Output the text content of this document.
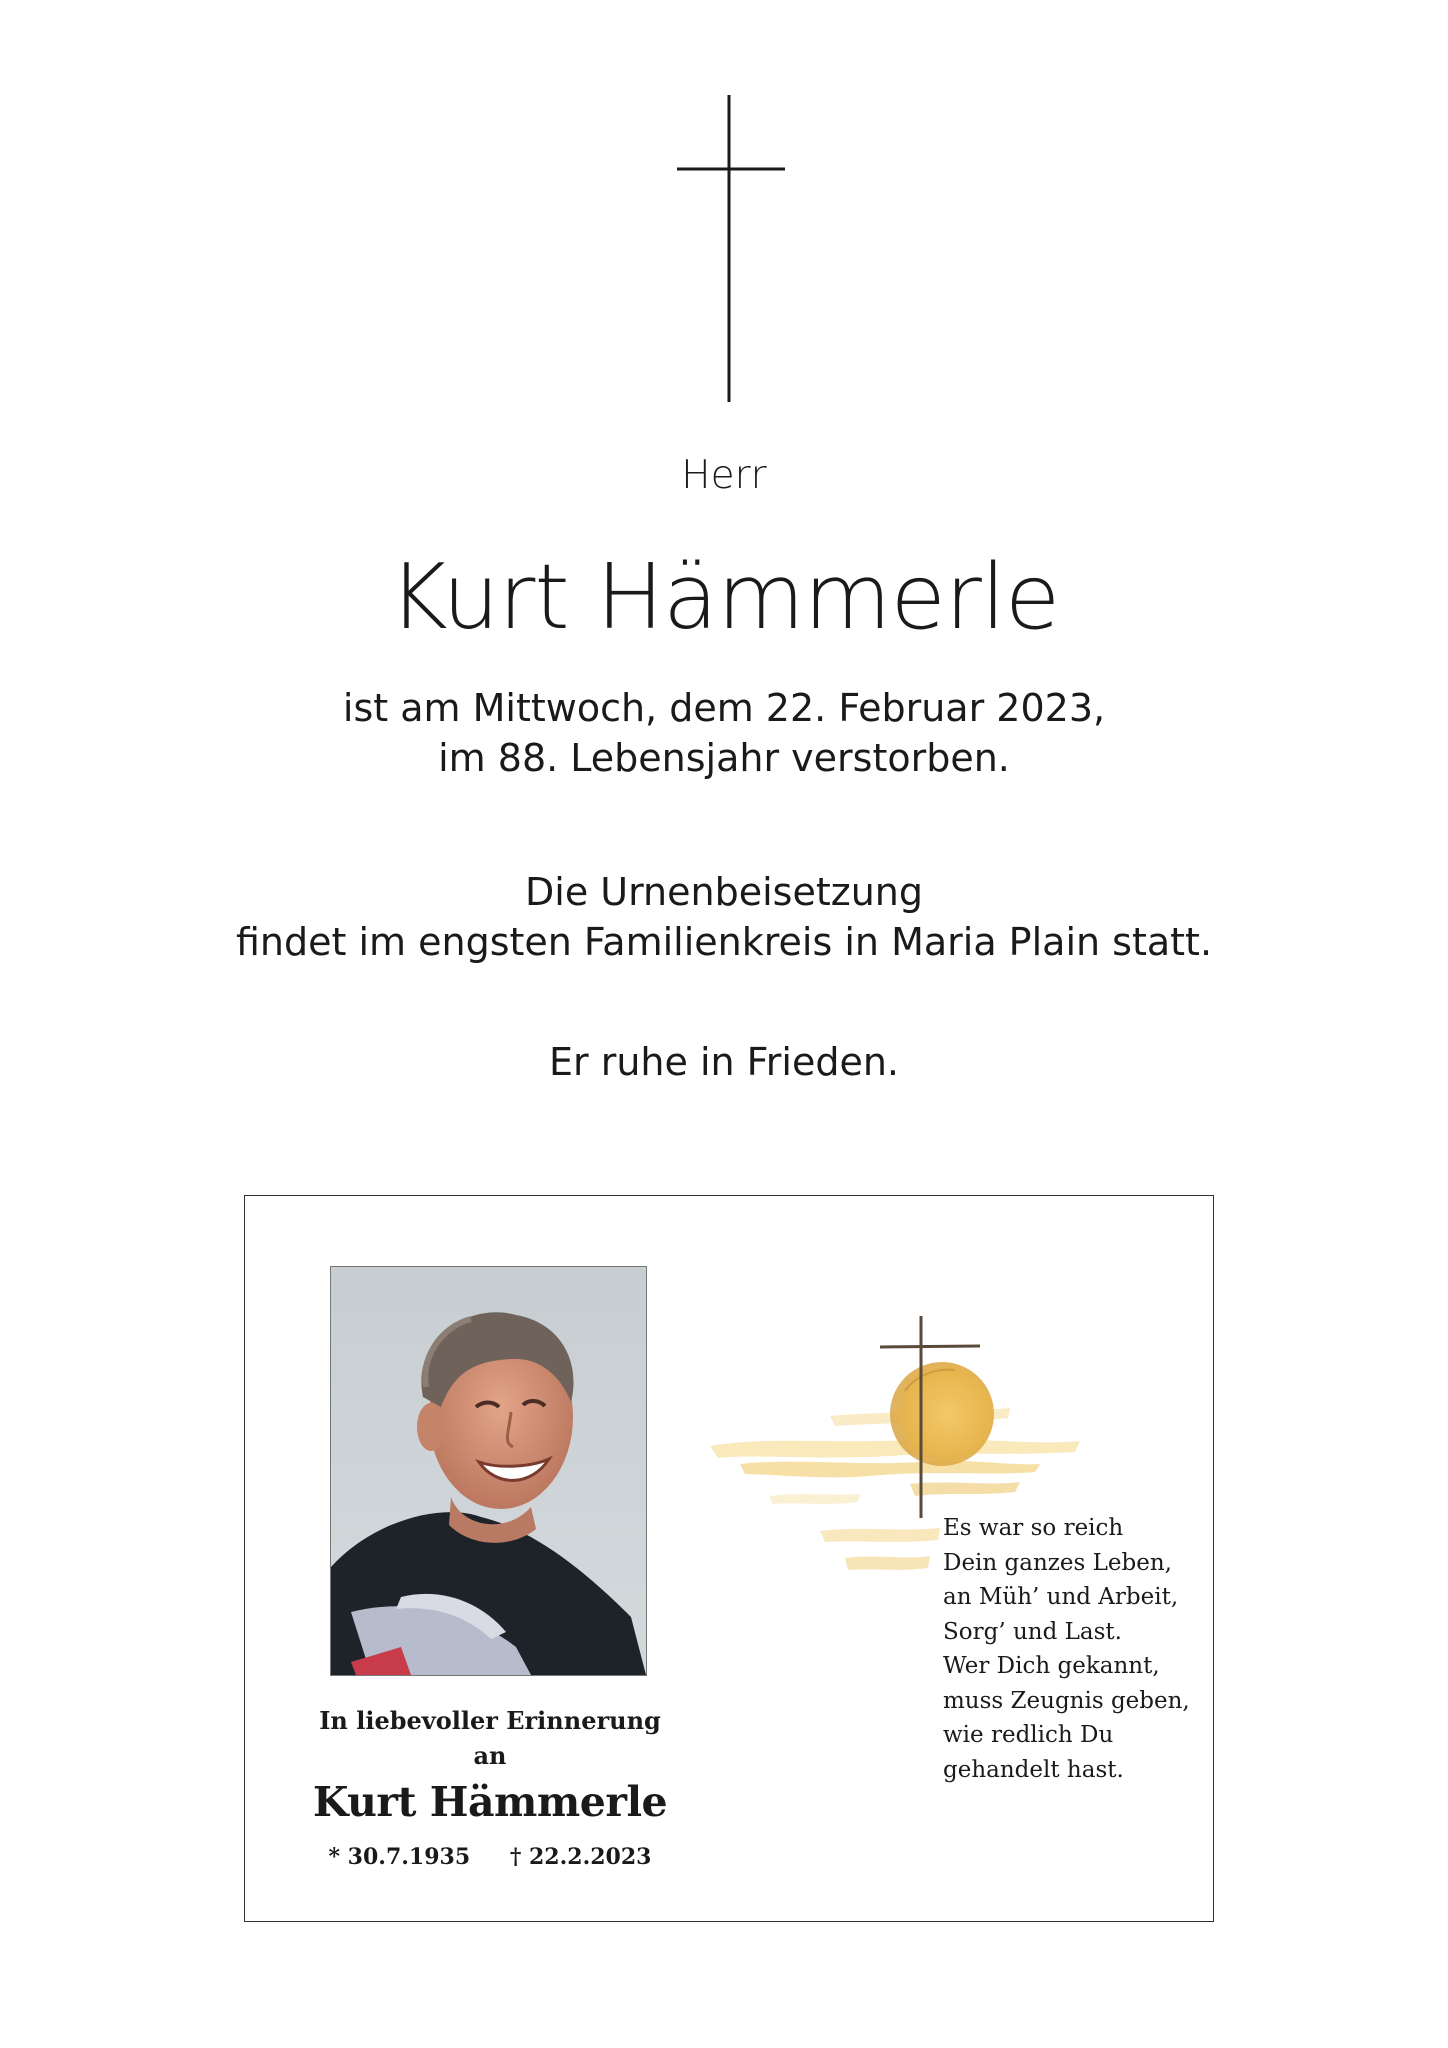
Herr
Kurt Hämmerle
ist am Mittwoch, dem 22. Februar 2023,
im 88. Lebensjahr verstorben.
Die Urnenbeisetzung
findet im engsten Familienkreis in Maria Plain statt.
Er ruhe in Frieden.
In liebevoller Erinnerung
an
Kurt Hämmerle
* 30.7.1935 † 22.2.2023
Es war so reich
Dein ganzes Leben,
an Müh’ und Arbeit,
Sorg’ und Last.
Wer Dich gekannt,
muss Zeugnis geben,
wie redlich Du
gehandelt hast.
